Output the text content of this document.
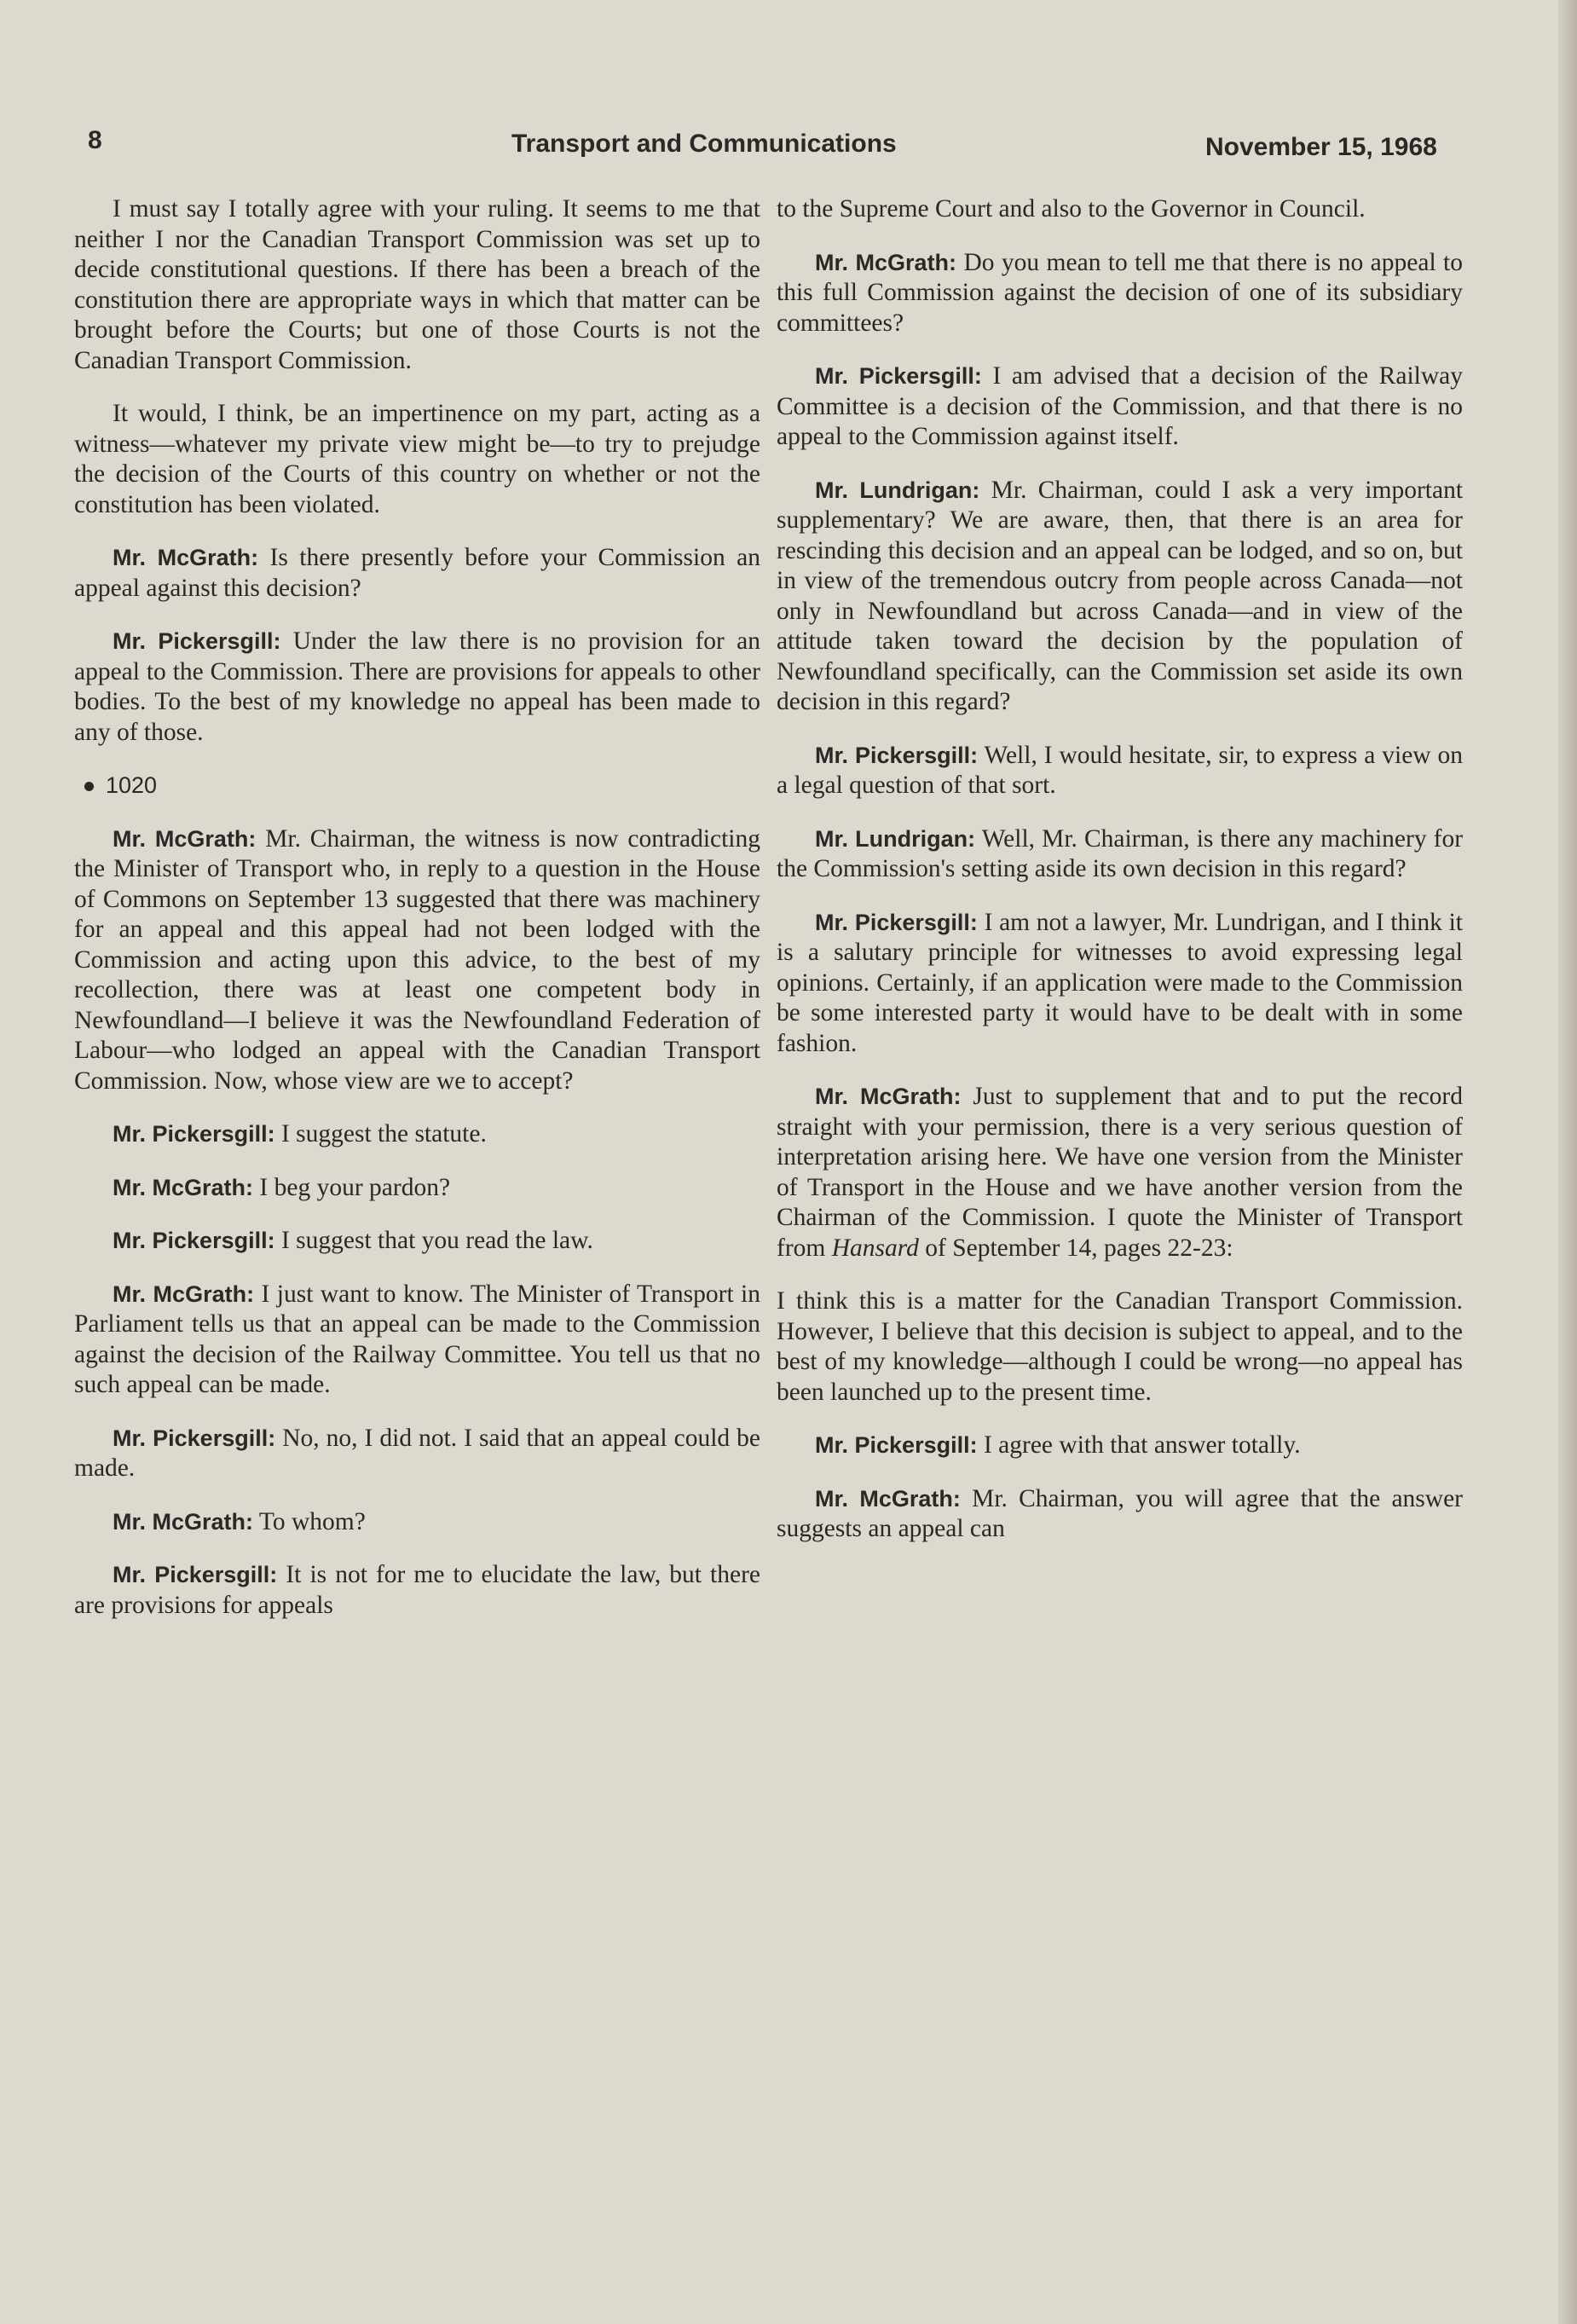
8	Transport and Communications	November 15, 1968

I must say I totally agree with your ruling. It seems to me that neither I nor the Canadian Transport Commission was set up to decide constitutional questions. If there has been a breach of the constitution there are appropriate ways in which that matter can be brought before the Courts; but one of those Courts is not the Canadian Transport Commission.

It would, I think, be an impertinence on my part, acting as a witness—whatever my private view might be—to try to prejudge the decision of the Courts of this country on whether or not the constitution has been violated.

Mr. McGrath: Is there presently before your Commission an appeal against this decision?

Mr. Pickersgill: Under the law there is no provision for an appeal to the Commission. There are provisions for appeals to other bodies. To the best of my knowledge no appeal has been made to any of those.

1020

Mr. McGrath: Mr. Chairman, the witness is now contradicting the Minister of Transport who, in reply to a question in the House of Commons on September 13 suggested that there was machinery for an appeal and this appeal had not been lodged with the Commission and acting upon this advice, to the best of my recollection, there was at least one competent body in Newfoundland—I believe it was the Newfoundland Federation of Labour—who lodged an appeal with the Canadian Transport Commission. Now, whose view are we to accept?

Mr. Pickersgill: I suggest the statute.

Mr. McGrath: I beg your pardon?

Mr. Pickersgill: I suggest that you read the law.

Mr. McGrath: I just want to know. The Minister of Transport in Parliament tells us that an appeal can be made to the Commission against the decision of the Railway Committee. You tell us that no such appeal can be made.

Mr. Pickersgill: No, no, I did not. I said that an appeal could be made.

Mr. McGrath: To whom?

Mr. Pickersgill: It is not for me to elucidate the law, but there are provisions for appeals

to the Supreme Court and also to the Governor in Council.

Mr. McGrath: Do you mean to tell me that there is no appeal to this full Commission against the decision of one of its subsidiary committees?

Mr. Pickersgill: I am advised that a decision of the Railway Committee is a decision of the Commission, and that there is no appeal to the Commission against itself.

Mr. Lundrigan: Mr. Chairman, could I ask a very important supplementary? We are aware, then, that there is an area for rescinding this decision and an appeal can be lodged, and so on, but in view of the tremendous outcry from people across Canada—not only in Newfoundland but across Canada—and in view of the attitude taken toward the decision by the population of Newfoundland specifically, can the Commission set aside its own decision in this regard?

Mr. Pickersgill: Well, I would hesitate, sir, to express a view on a legal question of that sort.

Mr. Lundrigan: Well, Mr. Chairman, is there any machinery for the Commission's setting aside its own decision in this regard?

Mr. Pickersgill: I am not a lawyer, Mr. Lundrigan, and I think it is a salutary principle for witnesses to avoid expressing legal opinions. Certainly, if an application were made to the Commission be some interested party it would have to be dealt with in some fashion.

Mr. McGrath: Just to supplement that and to put the record straight with your permission, there is a very serious question of interpretation arising here. We have one version from the Minister of Transport in the House and we have another version from the Chairman of the Commission. I quote the Minister of Transport from Hansard of September 14, pages 22-23:

I think this is a matter for the Canadian Transport Commission. However, I believe that this decision is subject to appeal, and to the best of my knowledge—although I could be wrong—no appeal has been launched up to the present time.

Mr. Pickersgill: I agree with that answer totally.

Mr. McGrath: Mr. Chairman, you will agree that the answer suggests an appeal can
